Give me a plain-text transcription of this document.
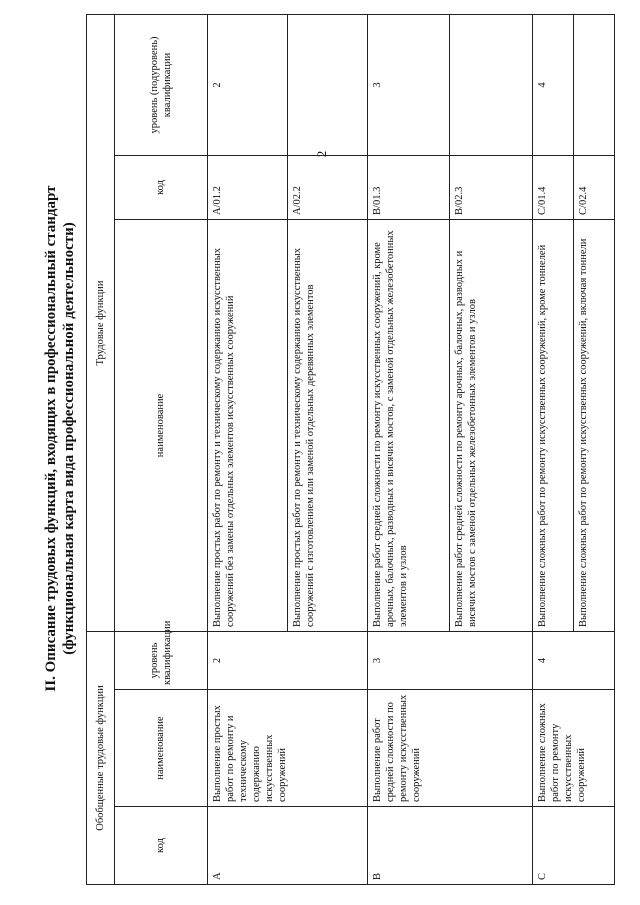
2
II. Описание трудовых функций, входящих в профессиональный стандарт (функциональная карта вида профессиональной деятельности)
Обобщенные трудовые функции			Трудовые функции		
код	наименование	уровень квалификации	наименование	код	уровень (подуровень) квалификации
A	Выполнение простых работ по ремонту и техническому содержанию искусственных сооружений	2	Выполнение простых работ по ремонту и техническому содержанию искусственных сооружений без замены отдельных элементов искусственных сооружений	A/01.2	2
			Выполнение простых работ по ремонту и техническому содержанию искусственных сооружений с изготовлением или заменой отдельных деревянных элементов	A/02.2	
B	Выполнение работ средней сложности по ремонту искусственных сооружений	3	Выполнение работ средней сложности по ремонту искусственных сооружений, кроме арочных, балочных, разводных и висячих мостов, с заменой отдельных железобетонных элементов и узлов	B/01.3	3
			Выполнение работ средней сложности по ремонту арочных, балочных, разводных и висячих мостов с заменой отдельных железобетонных элементов и узлов	B/02.3	
C	Выполнение сложных работ по ремонту искусственных сооружений	4	Выполнение сложных работ по ремонту искусственных сооружений, кроме тоннелей	C/01.4	4
			Выполнение сложных работ по ремонту искусственных сооружений, включая тоннели	C/02.4	
